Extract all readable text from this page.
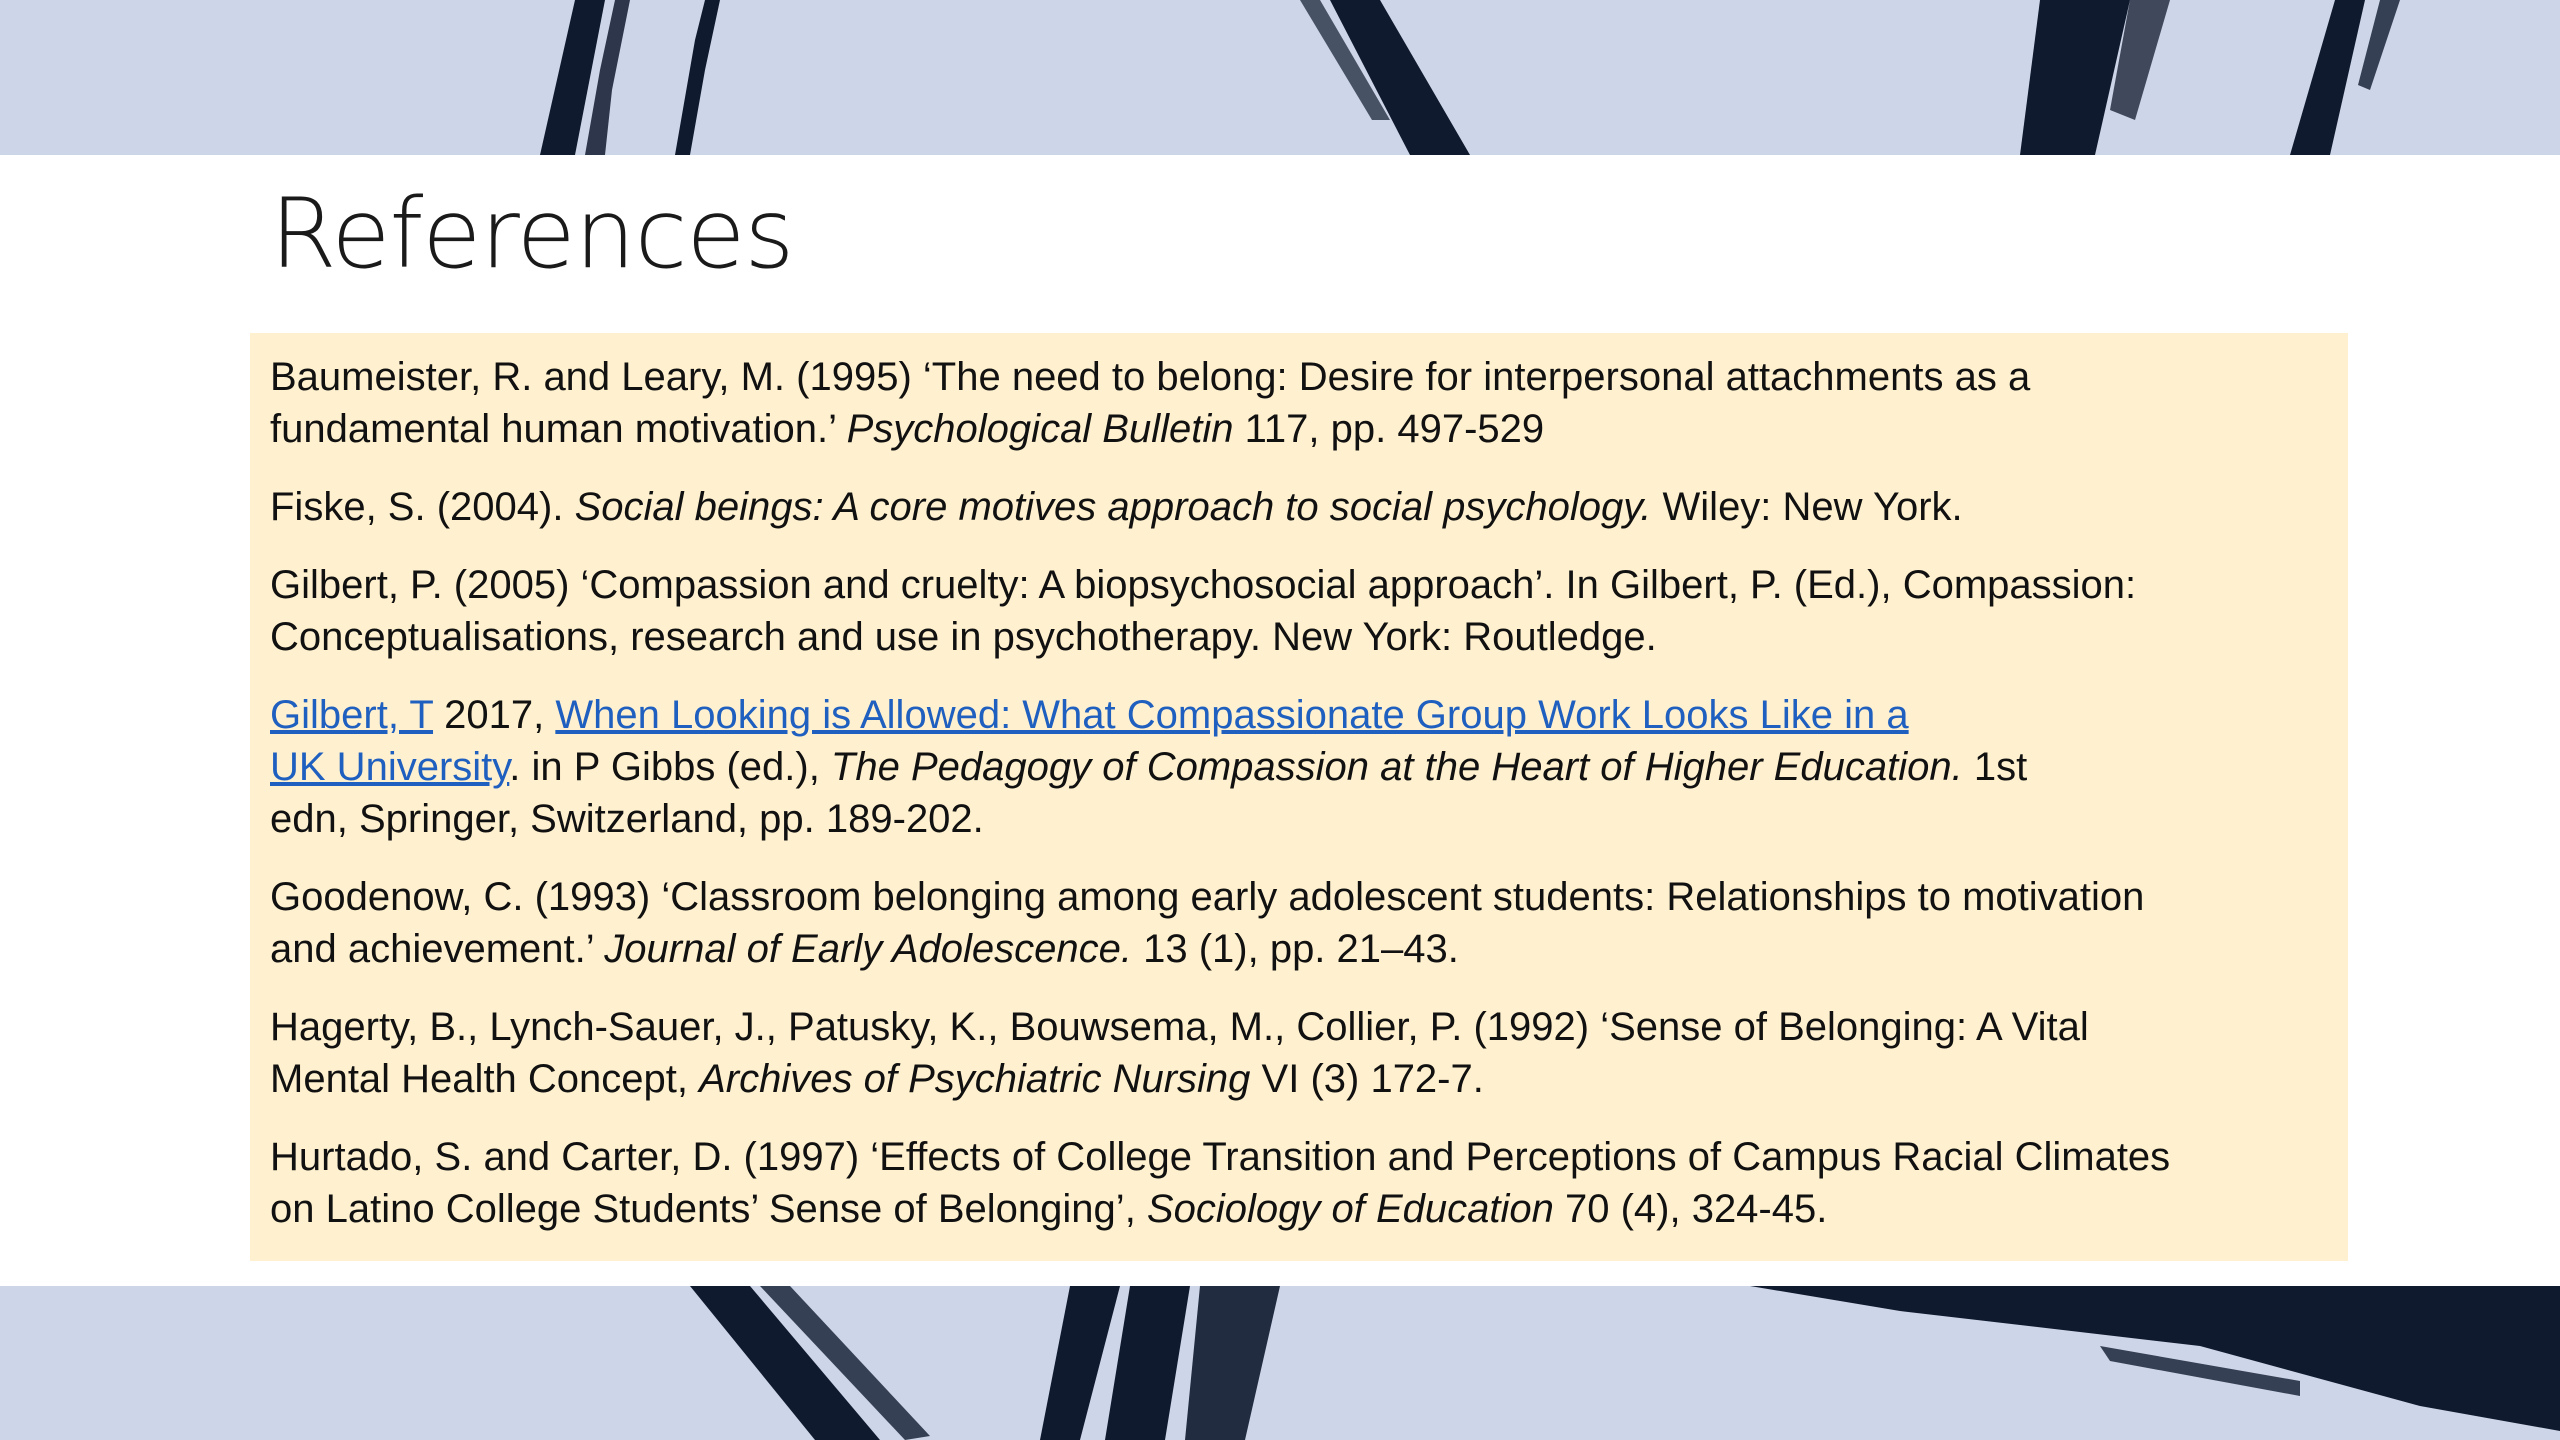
References
Baumeister, R. and Leary, M. (1995) ‘The need to belong: Desire for interpersonal attachments as a
fundamental human motivation.’ Psychological Bulletin 117, pp. 497-529
Fiske, S. (2004). Social beings: A core motives approach to social psychology. Wiley: New York.
Gilbert, P. (2005) ‘Compassion and cruelty: A biopsychosocial approach’. In Gilbert, P. (Ed.), Compassion:
Conceptualisations, research and use in psychotherapy. New York: Routledge.
Gilbert, T 2017, When Looking is Allowed: What Compassionate Group Work Looks Like in a
UK University. in P Gibbs (ed.), The Pedagogy of Compassion at the Heart of Higher Education. 1st
edn, Springer, Switzerland, pp. 189-202.
Goodenow, C. (1993) ‘Classroom belonging among early adolescent students: Relationships to motivation
and achievement.’ Journal of Early Adolescence. 13 (1), pp. 21–43.
Hagerty, B., Lynch-Sauer, J., Patusky, K., Bouwsema, M., Collier, P. (1992) ‘Sense of Belonging: A Vital
Mental Health Concept, Archives of Psychiatric Nursing VI (3) 172-7.
Hurtado, S. and Carter, D. (1997) ‘Effects of College Transition and Perceptions of Campus Racial Climates
on Latino College Students’ Sense of Belonging’, Sociology of Education 70 (4), 324-45.
